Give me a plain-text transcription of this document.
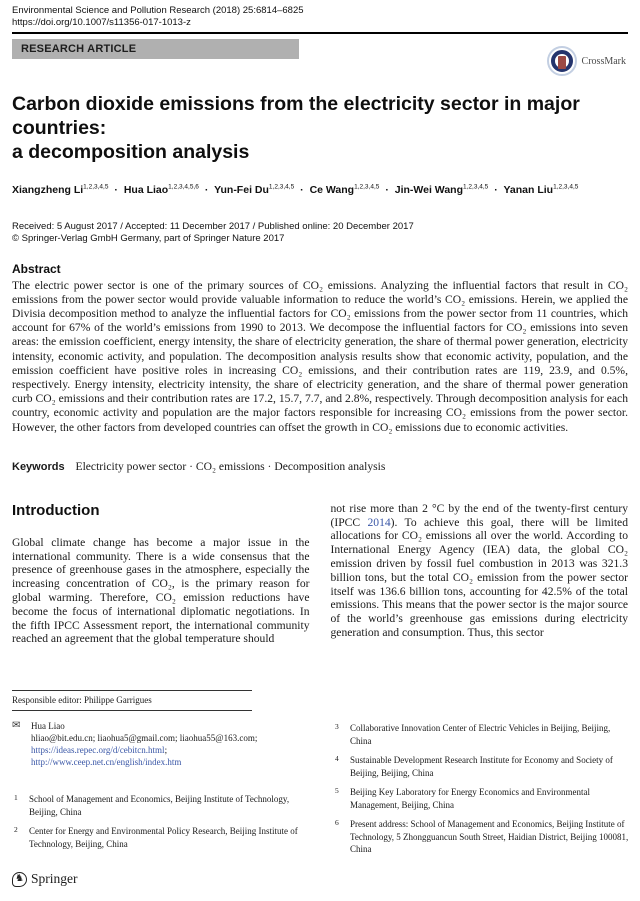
Environmental Science and Pollution Research (2018) 25:6814–6825
https://doi.org/10.1007/s11356-017-1013-z
RESEARCH ARTICLE
CrossMark
Carbon dioxide emissions from the electricity sector in major countries:
a decomposition analysis
Xiangzheng Li$^{1,2,3,4,5}$ · Hua Liao$^{1,2,3,4,5,6}$ · Yun-Fei Du$^{1,2,3,4,5}$ · Ce Wang$^{1,2,3,4,5}$ · Jin-Wei Wang$^{1,2,3,4,5}$ · Yanan Liu$^{1,2,3,4,5}$
Received: 5 August 2017 / Accepted: 11 December 2017 / Published online: 20 December 2017
© Springer-Verlag GmbH Germany, part of Springer Nature 2017
Abstract
The electric power sector is one of the primary sources of CO₂ emissions. Analyzing the influential factors that result in CO₂ emissions from the power sector would provide valuable information to reduce the world’s CO₂ emissions. Herein, we applied the Divisia decomposition method to analyze the influential factors for CO₂ emissions from the power sector from 11 countries, which account for 67% of the world’s emissions from 1990 to 2013. We decompose the influential factors for CO₂ emissions into seven areas: the emission coefficient, energy intensity, the share of electricity generation, the share of thermal power generation, electricity intensity, economic activity, and population. The decomposition analysis results show that economic activity, population, and the emission coefficient have positive roles in increasing CO₂ emissions, and their contribution rates are 119, 23.9, and 0.5%, respectively. Energy intensity, electricity intensity, the share of electricity generation, and the share of thermal power generation curb CO₂ emissions and their contribution rates are 17.2, 15.7, 7.7, and 2.8%, respectively. Through decomposition analysis for each country, economic activity and population are the major factors responsible for increasing CO₂ emissions from the power sector. However, the other factors from developed countries can offset the growth in CO₂ emissions due to economic activities.
Keywords Electricity power sector · CO₂ emissions · Decomposition analysis
Introduction
Global climate change has become a major issue in the international community. There is a wide consensus that the presence of greenhouse gases in the atmosphere, especially the increasing concentration of CO₂, is the primary reason for global warming. Therefore, CO₂ emission reductions have become the focus of international diplomatic negotiations. In the fifth IPCC Assessment report, the international community reached an agreement that the global temperature should
not rise more than 2 °C by the end of the twenty-first century (IPCC 2014). To achieve this goal, there will be limited allocations for CO₂ emissions all over the world. According to International Energy Agency (IEA) data, the global CO₂ emission driven by fossil fuel combustion in 2013 was 321.3 billion tons, but the total CO₂ emission from the power sector itself was 136.6 billion tons, accounting for 42.5% of the total emissions. This means that the power sector is the major source of the world’s greenhouse gas emissions during electricity generation and consumption. Thus, this sector
Responsible editor: Philippe Garrigues
✉	Hua Liao
hliao@bit.edu.cn; liaohua5@gmail.com; liaohua55@163.com;
https://ideas.repec.org/d/cebitcn.html; http://www.ceep.net.cn/english/index.htm
1	School of Management and Economics, Beijing Institute of Technology, Beijing, China
2	Center for Energy and Environmental Policy Research, Beijing Institute of Technology, Beijing, China
3	Collaborative Innovation Center of Electric Vehicles in Beijing, Beijing, China
4	Sustainable Development Research Institute for Economy and Society of Beijing, Beijing, China
5	Beijing Key Laboratory for Energy Economics and Environmental Management, Beijing, China
6	Present address: School of Management and Economics, Beijing Institute of Technology, 5 Zhongguancun South Street, Haidian District, Beijing 100081, China
♞ Springer
